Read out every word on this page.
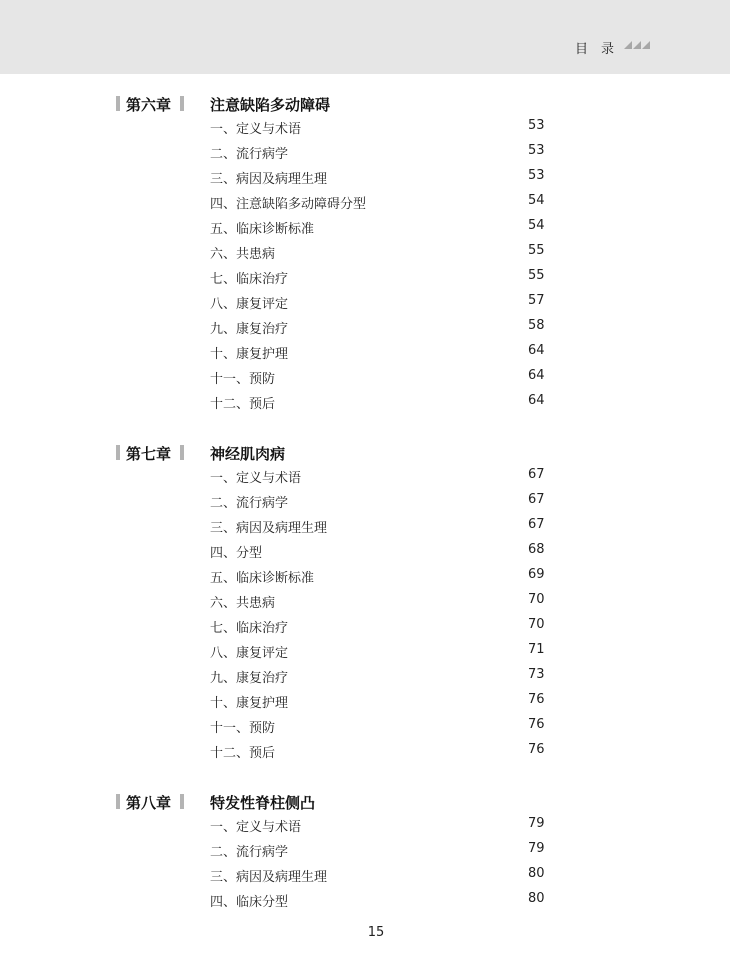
目　录
第六章	注意缺陷多动障碍
一、定义与术语	53
二、流行病学	53
三、病因及病理生理	53
四、注意缺陷多动障碍分型	54
五、临床诊断标准	54
六、共患病	55
七、临床治疗	55
八、康复评定	57
九、康复治疗	58
十、康复护理	64
十一、预防	64
十二、预后	64
第七章	神经肌肉病
一、定义与术语	67
二、流行病学	67
三、病因及病理生理	67
四、分型	68
五、临床诊断标准	69
六、共患病	70
七、临床治疗	70
八、康复评定	71
九、康复治疗	73
十、康复护理	76
十一、预防	76
十二、预后	76
第八章	特发性脊柱侧凸
一、定义与术语	79
二、流行病学	79
三、病因及病理生理	80
四、临床分型	80
15
